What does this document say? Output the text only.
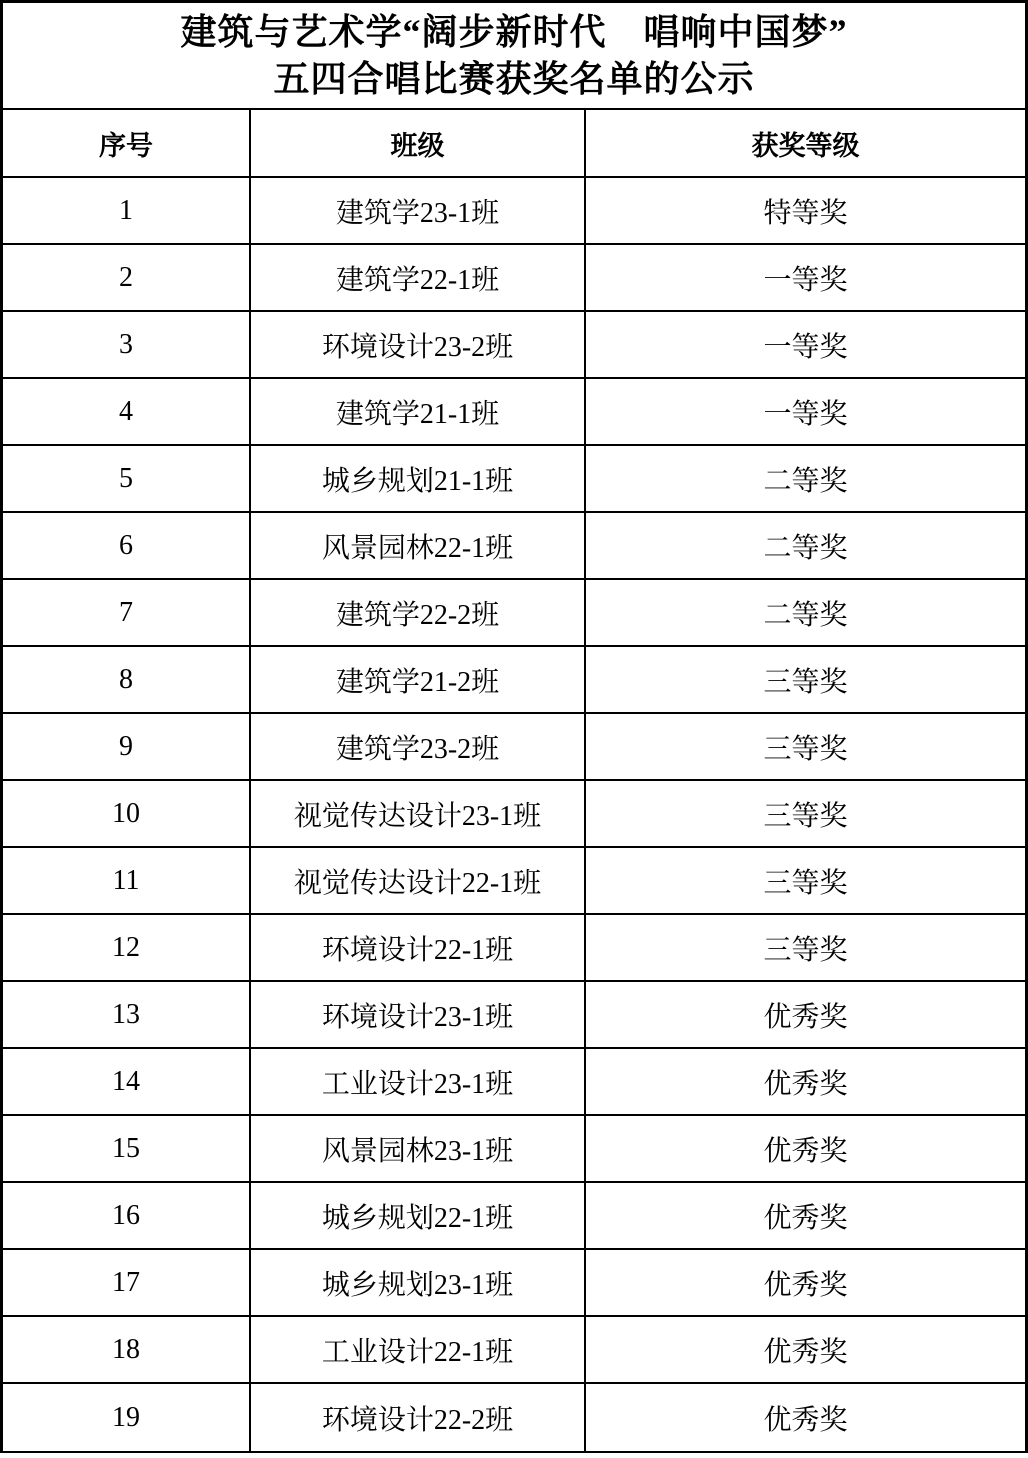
建筑与艺术学“阔步新时代　唱响中国梦”
五四合唱比赛获奖名单的公示
序号	班级	获奖等级
1	建筑学23-1班	特等奖
2	建筑学22-1班	一等奖
3	环境设计23-2班	一等奖
4	建筑学21-1班	一等奖
5	城乡规划21-1班	二等奖
6	风景园林22-1班	二等奖
7	建筑学22-2班	二等奖
8	建筑学21-2班	三等奖
9	建筑学23-2班	三等奖
10	视觉传达设计23-1班	三等奖
11	视觉传达设计22-1班	三等奖
12	环境设计22-1班	三等奖
13	环境设计23-1班	优秀奖
14	工业设计23-1班	优秀奖
15	风景园林23-1班	优秀奖
16	城乡规划22-1班	优秀奖
17	城乡规划23-1班	优秀奖
18	工业设计22-1班	优秀奖
19	环境设计22-2班	优秀奖
